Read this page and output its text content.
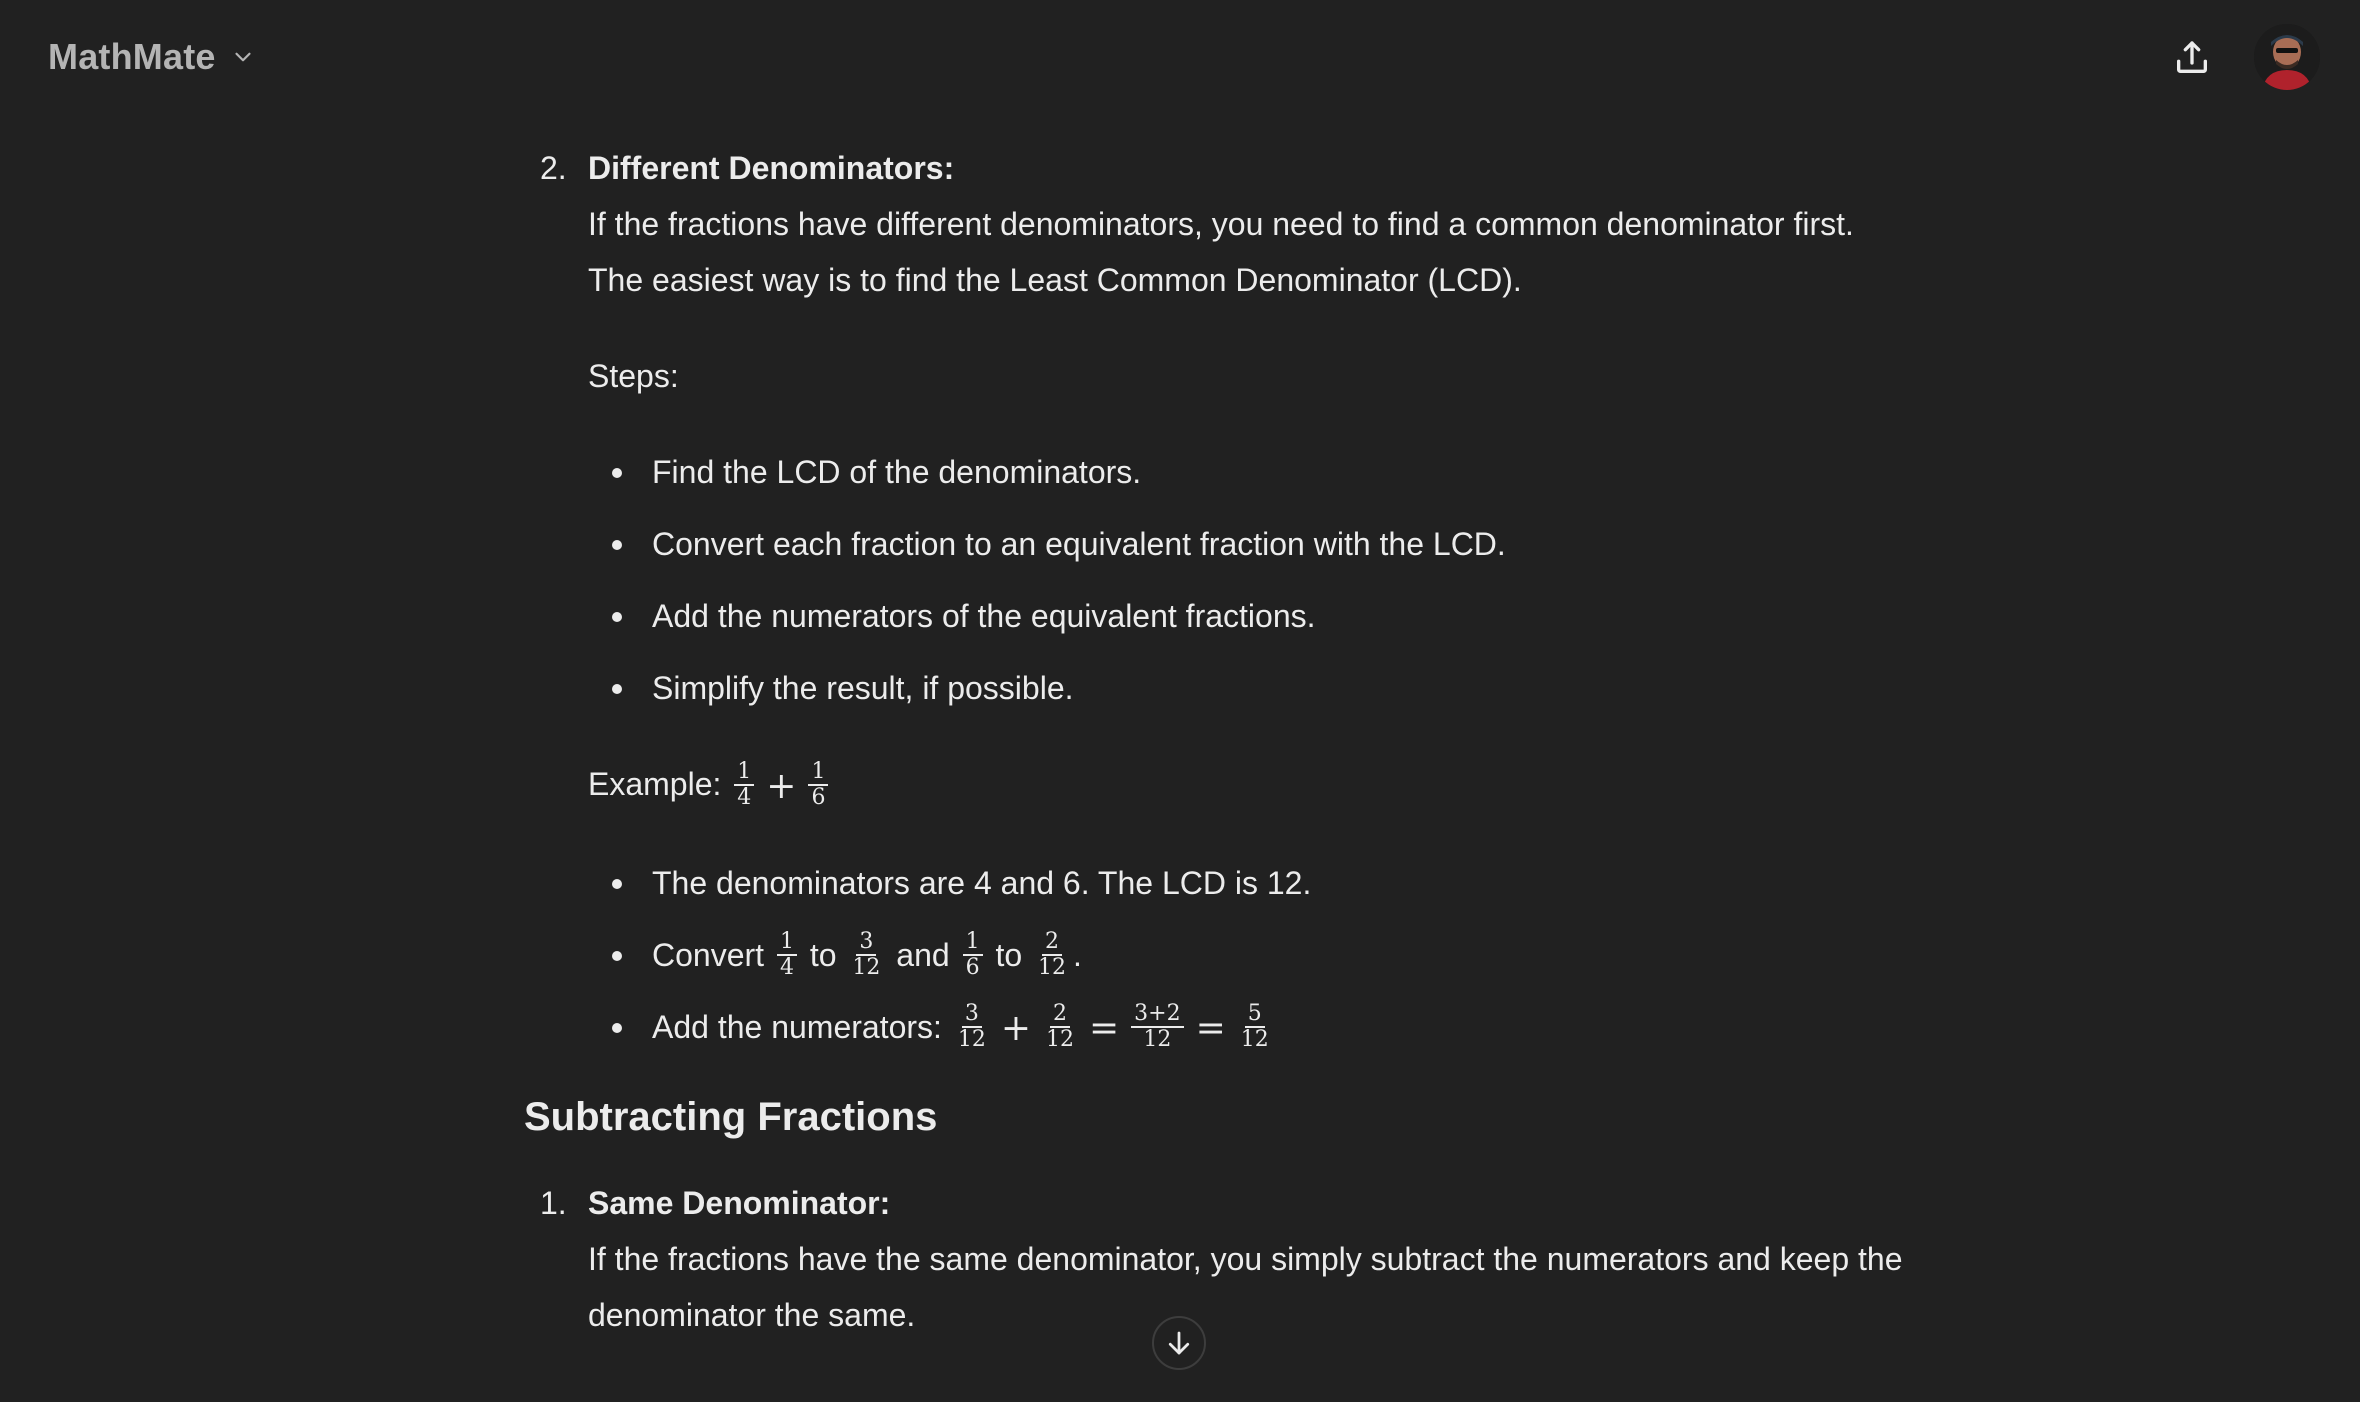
MathMate
2. Different Denominators:

If the fractions have different denominators, you need to find a common denominator first.

The easiest way is to find the Least Common Denominator (LCD).

Steps:

Find the LCD of the denominators.
Convert each fraction to an equivalent fraction with the LCD.
Add the numerators of the equivalent fractions.
Simplify the result, if possible.

Example: $\frac{1}{4} + \frac{1}{6}$

The denominators are 4 and 6. The LCD is 12.
Convert $\frac{1}{4}$ to $\frac{3}{12}$ and $\frac{1}{6}$ to $\frac{2}{12}$ .
Add the numerators: $\frac{3}{12} + \frac{2}{12} = \frac{3+2}{12} = \frac{5}{12}$
Subtracting Fractions
1. Same Denominator:

If the fractions have the same denominator, you simply subtract the numerators and keep the

denominator the same.
